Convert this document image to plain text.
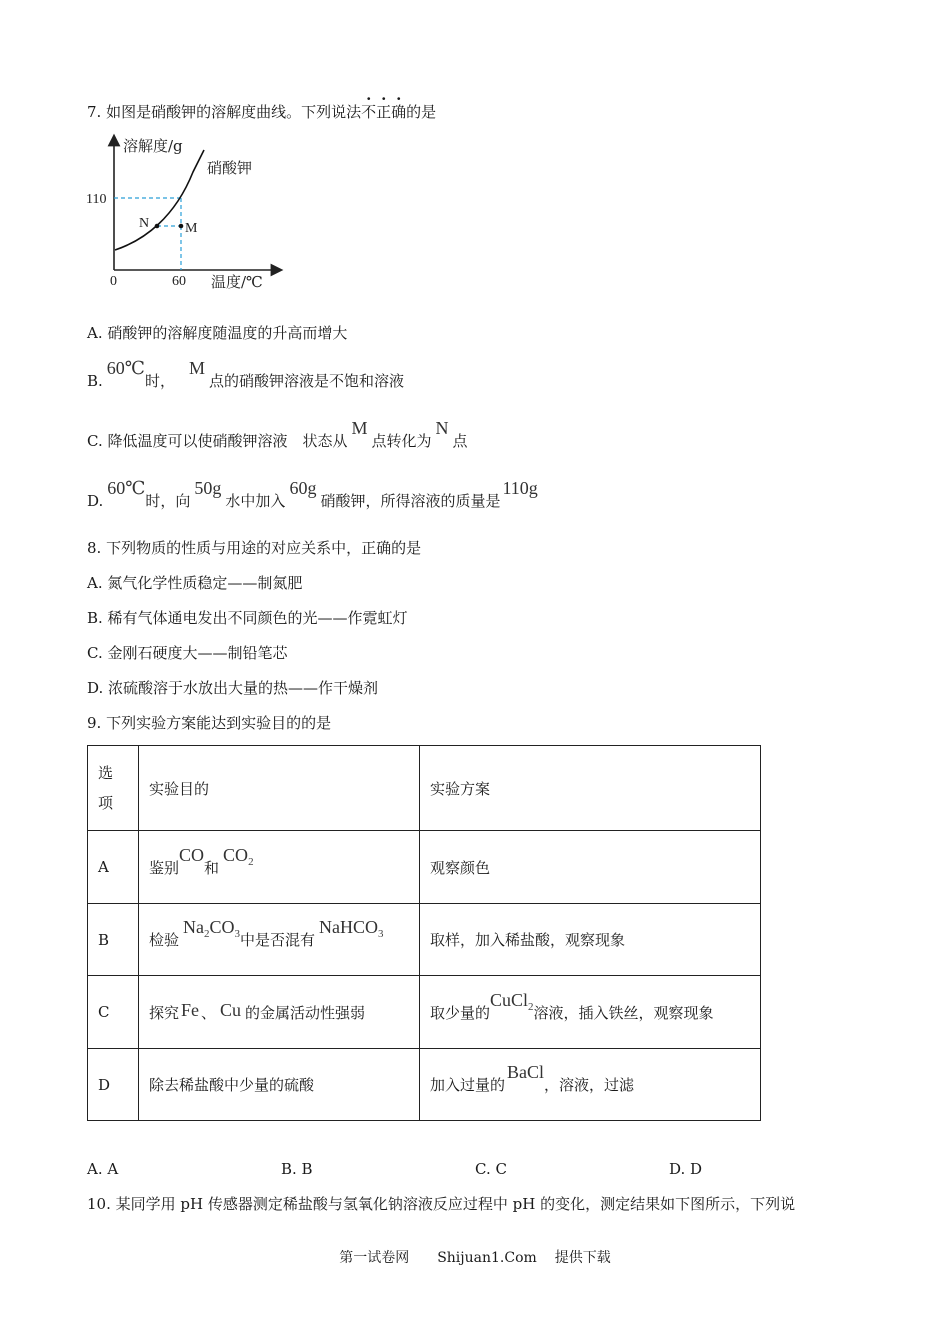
7. 如图是硝酸钾的溶解度曲线。下列说法不正确的是
溶解度/g
硝酸钾
110
N	M
0	60 温度/℃
A. 硝酸钾的溶解度随温度的升高而增大
B.60℃时，M点的硝酸钾溶液是不饱和溶液
C. 降低温度可以使硝酸钾溶液　状态从M点转化为N点
D.60℃时，向50g水中加入60g硝酸钾，所得溶液的质量是110g
8. 下列物质的性质与用途的对应关系中，正确的是
A. 氮气化学性质稳定——制氮肥
B. 稀有气体通电发出不同颜色的光——作霓虹灯
C. 金刚石硬度大——制铅笔芯
D. 浓硫酸溶于水放出大量的热——作干燥剂
9. 下列实验方案能达到实验目的的是
选
项	实验目的	实验方案
A	鉴别CO和$CO_2$	观察颜色
B	检验$Na_2CO_3$中是否混有NaHCO$_3$	取样，加入稀盐酸，观察现象
C	探究 Fe 、 Cu 的金属活动性强弱	取少量的CuCl$_2$溶液，插入铁丝，观察现象
D	除去稀盐酸中少量的硫酸	加入过量的BaCl，溶液，过滤
A. A	B. B	C. C	D. D
10. 某同学用 pH 传感器测定稀盐酸与氢氧化钠溶液反应过程中 pH 的变化，测定结果如下图所示，下列说
第一试卷网 Shijuan1.Com 提供下载
